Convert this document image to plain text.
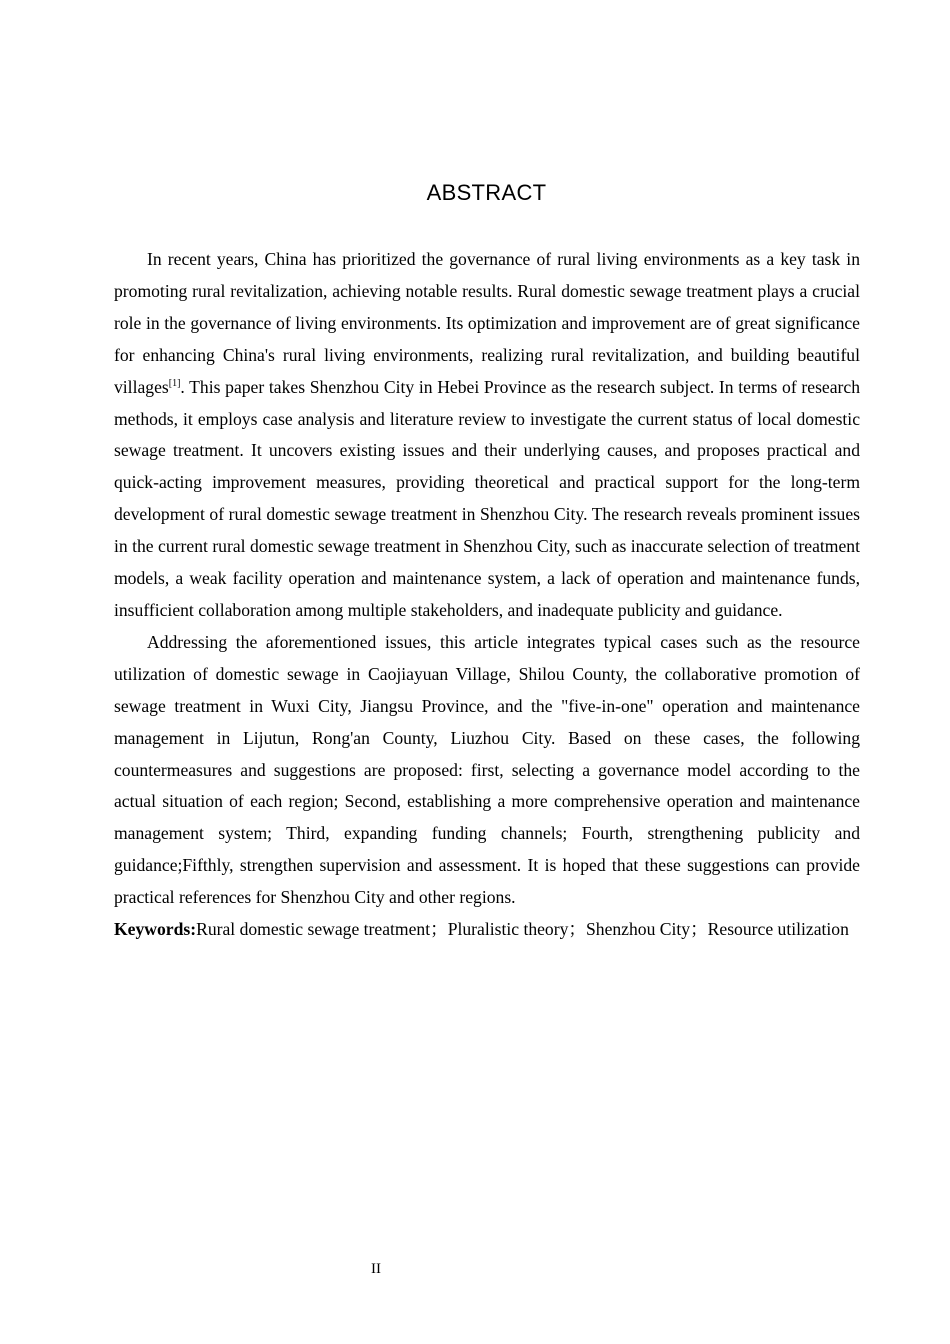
ABSTRACT

In recent years, China has prioritized the governance of rural living environments as a key task in promoting rural revitalization, achieving notable results. Rural domestic sewage treatment plays a crucial role in the governance of living environments. Its optimization and improvement are of great significance for enhancing China's rural living environments, realizing rural revitalization, and building beautiful villages[1]. This paper takes Shenzhou City in Hebei Province as the research subject. In terms of research methods, it employs case analysis and literature review to investigate the current status of local domestic sewage treatment. It uncovers existing issues and their underlying causes, and proposes practical and quick-acting improvement measures, providing theoretical and practical support for the long-term development of rural domestic sewage treatment in Shenzhou City. The research reveals prominent issues in the current rural domestic sewage treatment in Shenzhou City, such as inaccurate selection of treatment models, a weak facility operation and maintenance system, a lack of operation and maintenance funds, insufficient collaboration among multiple stakeholders, and inadequate publicity and guidance.

Addressing the aforementioned issues, this article integrates typical cases such as the resource utilization of domestic sewage in Caojiayuan Village, Shilou County, the collaborative promotion of sewage treatment in Wuxi City, Jiangsu Province, and the "five-in-one" operation and maintenance management in Lijutun, Rong'an County, Liuzhou City. Based on these cases, the following countermeasures and suggestions are proposed: first, selecting a governance model according to the actual situation of each region; Second, establishing a more comprehensive operation and maintenance management system; Third, expanding funding channels; Fourth, strengthening publicity and guidance;Fifthly, strengthen supervision and assessment. It is hoped that these suggestions can provide practical references for Shenzhou City and other regions.

Keywords:Rural domestic sewage treatment；Pluralistic theory；Shenzhou City；Resource utilization

II
